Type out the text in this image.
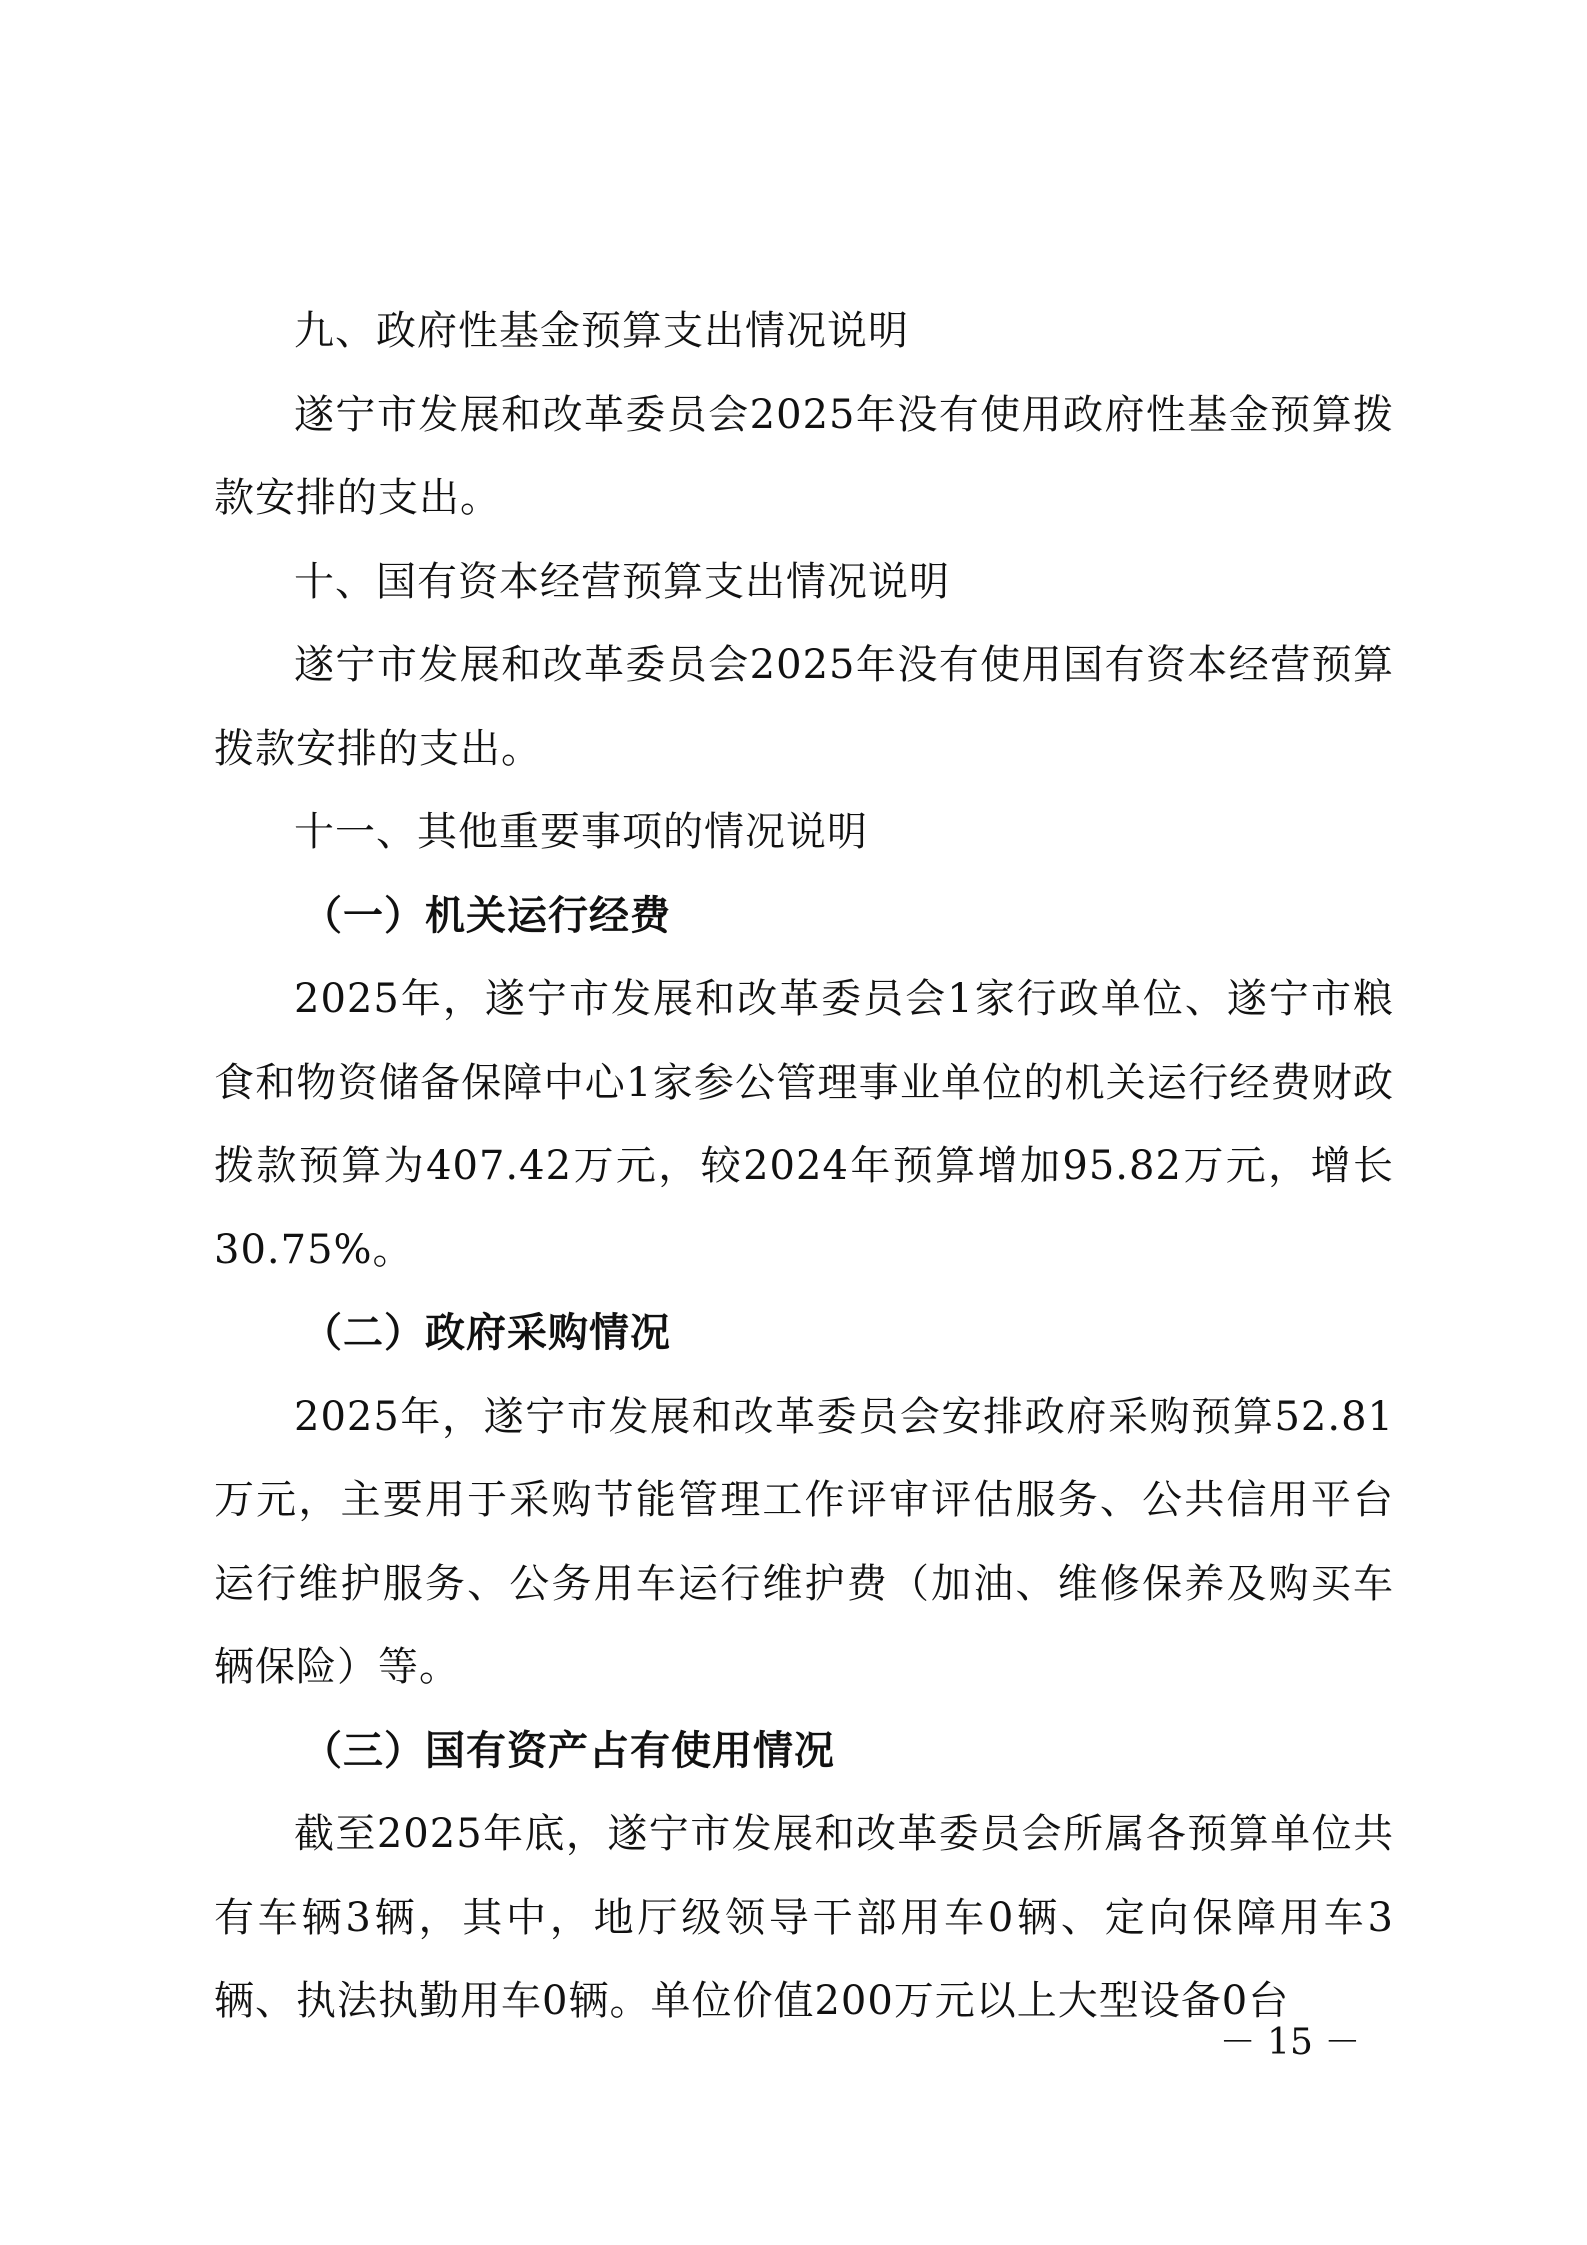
九、政府性基金预算支出情况说明

遂宁市发展和改革委员会2025年没有使用政府性基金预算拨款安排的支出。

十、国有资本经营预算支出情况说明

遂宁市发展和改革委员会2025年没有使用国有资本经营预算拨款安排的支出。

十一、其他重要事项的情况说明

（一）机关运行经费

2025年，遂宁市发展和改革委员会1家行政单位、遂宁市粮食和物资储备保障中心1家参公管理事业单位的机关运行经费财政拨款预算为407.42万元，较2024年预算增加95.82万元，增长30.75%。

（二）政府采购情况

2025年，遂宁市发展和改革委员会安排政府采购预算52.81万元，主要用于采购节能管理工作评审评估服务、公共信用平台运行维护服务、公务用车运行维护费（加油、维修保养及购买车辆保险）等。

（三）国有资产占有使用情况

截至2025年底，遂宁市发展和改革委员会所属各预算单位共有车辆3辆，其中，地厅级领导干部用车0辆、定向保障用车3辆、执法执勤用车0辆。单位价值200万元以上大型设备0台

－ 15 －
